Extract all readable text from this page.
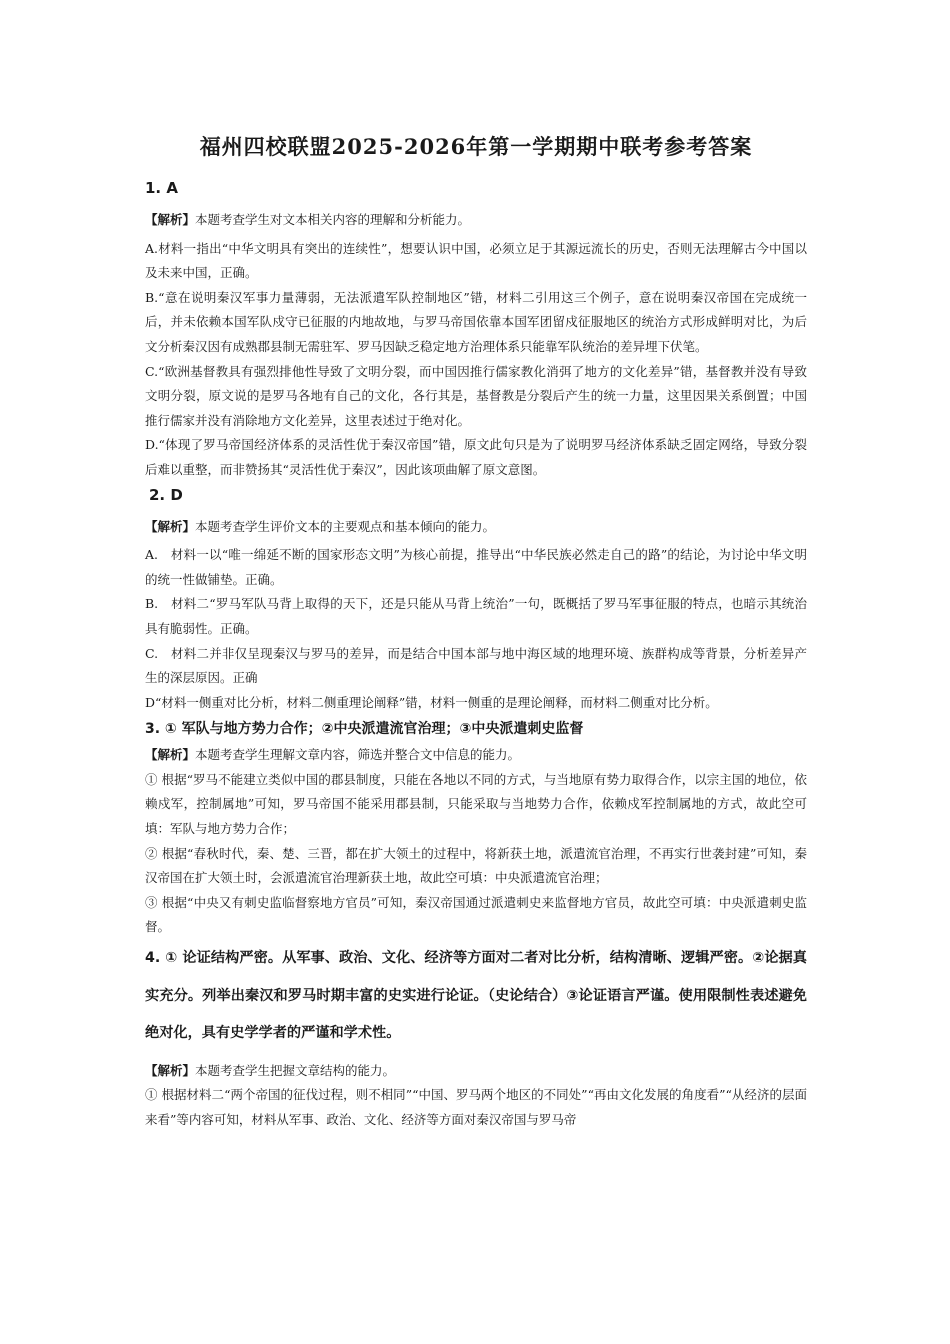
福州四校联盟2025-2026年第一学期期中联考参考答案
1. A

【解析】本题考查学生对文本相关内容的理解和分析能力。

A.材料一指出“中华文明具有突出的连续性”，想要认识中国，必须立足于其源远流长的历史，否则无法理解古今中国以及未来中国，正确。

B.“意在说明秦汉军事力量薄弱，无法派遣军队控制地区”错，材料二引用这三个例子，意在说明秦汉帝国在完成统一后，并未依赖本国军队戍守已征服的内地故地，与罗马帝国依靠本国军团留戍征服地区的统治方式形成鲜明对比，为后文分析秦汉因有成熟郡县制无需驻军、罗马因缺乏稳定地方治理体系只能靠军队统治的差异埋下伏笔。

C.“欧洲基督教具有强烈排他性导致了文明分裂，而中国因推行儒家教化消弭了地方的文化差异”错，基督教并没有导致文明分裂，原文说的是罗马各地有自己的文化，各行其是，基督教是分裂后产生的统一力量，这里因果关系倒置；中国推行儒家并没有消除地方文化差异，这里表述过于绝对化。

D.“体现了罗马帝国经济体系的灵活性优于秦汉帝国”错，原文此句只是为了说明罗马经济体系缺乏固定网络，导致分裂后难以重整，而非赞扬其“灵活性优于秦汉”，因此该项曲解了原文意图。

2. D

【解析】本题考查学生评价文本的主要观点和基本倾向的能力。

A.　材料一以“唯一绵延不断的国家形态文明”为核心前提，推导出“中华民族必然走自己的路”的结论，为讨论中华文明的统一性做铺垫。正确。

B.　材料二“罗马军队马背上取得的天下，还是只能从马背上统治”一句，既概括了罗马军事征服的特点，也暗示其统治具有脆弱性。正确。

C.　材料二并非仅呈现秦汉与罗马的差异，而是结合中国本部与地中海区域的地理环境、族群构成等背景，分析差异产生的深层原因。正确

D“材料一侧重对比分析，材料二侧重理论阐释”错，材料一侧重的是理论阐释，而材料二侧重对比分析。

3. ① 军队与地方势力合作；②中央派遣流官治理；③中央派遣刺史监督

【解析】本题考查学生理解文章内容，筛选并整合文中信息的能力。

① 根据“罗马不能建立类似中国的郡县制度，只能在各地以不同的方式，与当地原有势力取得合作，以宗主国的地位，依赖戍军，控制属地”可知，罗马帝国不能采用郡县制，只能采取与当地势力合作，依赖戍军控制属地的方式，故此空可填：军队与地方势力合作；

② 根据“春秋时代，秦、楚、三晋，都在扩大领土的过程中，将新获土地，派遣流官治理，不再实行世袭封建”可知，秦汉帝国在扩大领土时，会派遣流官治理新获土地，故此空可填：中央派遣流官治理；

③ 根据“中央又有刺史监临督察地方官员”可知，秦汉帝国通过派遣刺史来监督地方官员，故此空可填：中央派遣刺史监督。

4. ① 论证结构严密。从军事、政治、文化、经济等方面对二者对比分析，结构清晰、逻辑严密。②论据真实充分。列举出秦汉和罗马时期丰富的史实进行论证。（史论结合）③论证语言严谨。使用限制性表述避免绝对化，具有史学学者的严谨和学术性。

【解析】本题考查学生把握文章结构的能力。

① 根据材料二“两个帝国的征伐过程，则不相同”“中国、罗马两个地区的不同处”“再由文化发展的角度看”“从经济的层面来看”等内容可知，材料从军事、政治、文化、经济等方面对秦汉帝国与罗马帝
